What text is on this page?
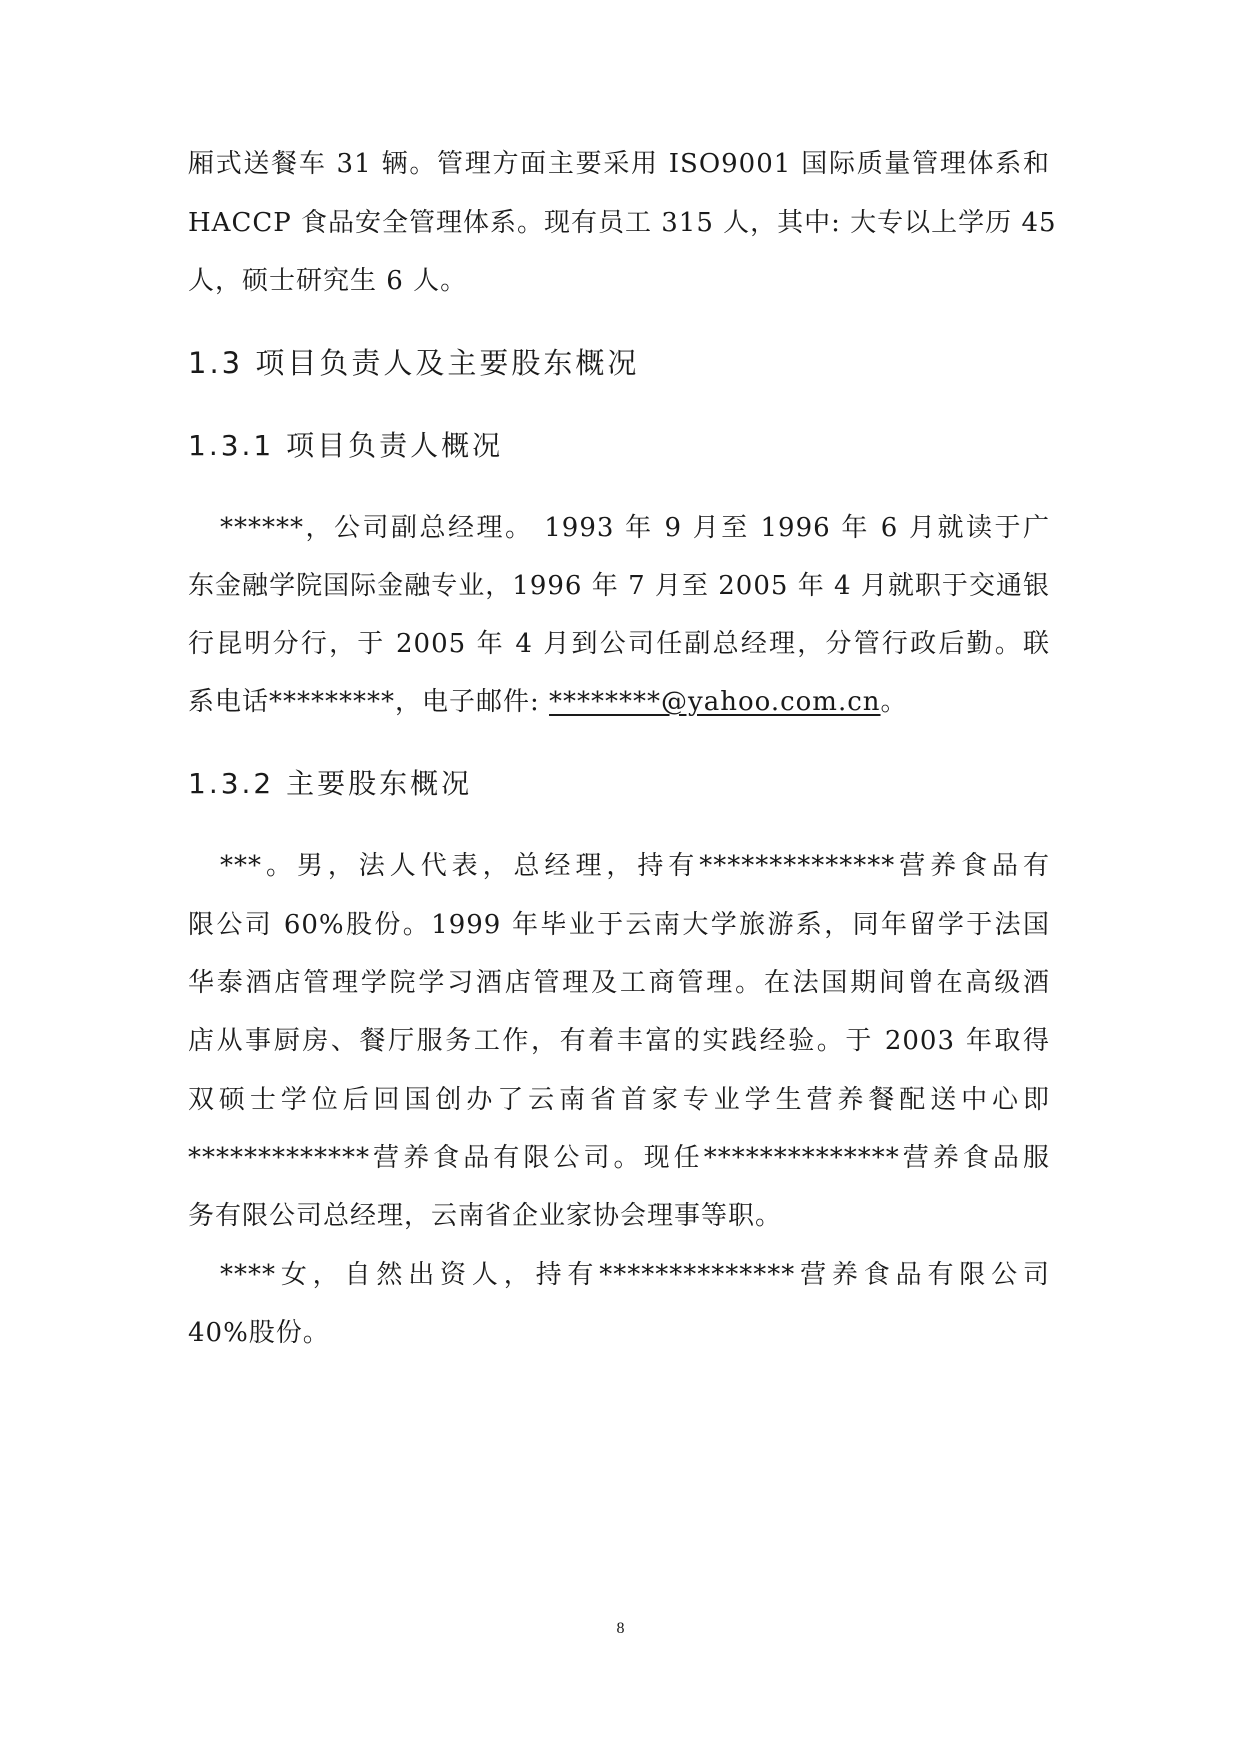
厢式送餐车 31 辆。管理方面主要采用 ISO9001 国际质量管理体系和
HACCP 食品安全管理体系。现有员工 315 人，其中: 大专以上学历 45
人，硕士研究生 6 人。
1.3 项目负责人及主要股东概况
1.3.1 项目负责人概况
******，公司副总经理。 1993 年 9 月至 1996 年 6 月就读于广
东金融学院国际金融专业，1996 年 7 月至 2005 年 4 月就职于交通银
行昆明分行，于 2005 年 4 月到公司任副总经理，分管行政后勤。联
系电话*********，电子邮件: ********@yahoo.com.cn。
1.3.2 主要股东概况
***。男，法人代表，总经理，持有**************营养食品有
限公司 60%股份。1999 年毕业于云南大学旅游系，同年留学于法国
华泰酒店管理学院学习酒店管理及工商管理。在法国期间曾在高级酒
店从事厨房、餐厅服务工作，有着丰富的实践经验。于 2003 年取得
双硕士学位后回国创办了云南省首家专业学生营养餐配送中心即
*************营养食品有限公司。现任**************营养食品服
务有限公司总经理，云南省企业家协会理事等职。
****女，自然出资人，持有**************营养食品有限公司
40%股份。
8
